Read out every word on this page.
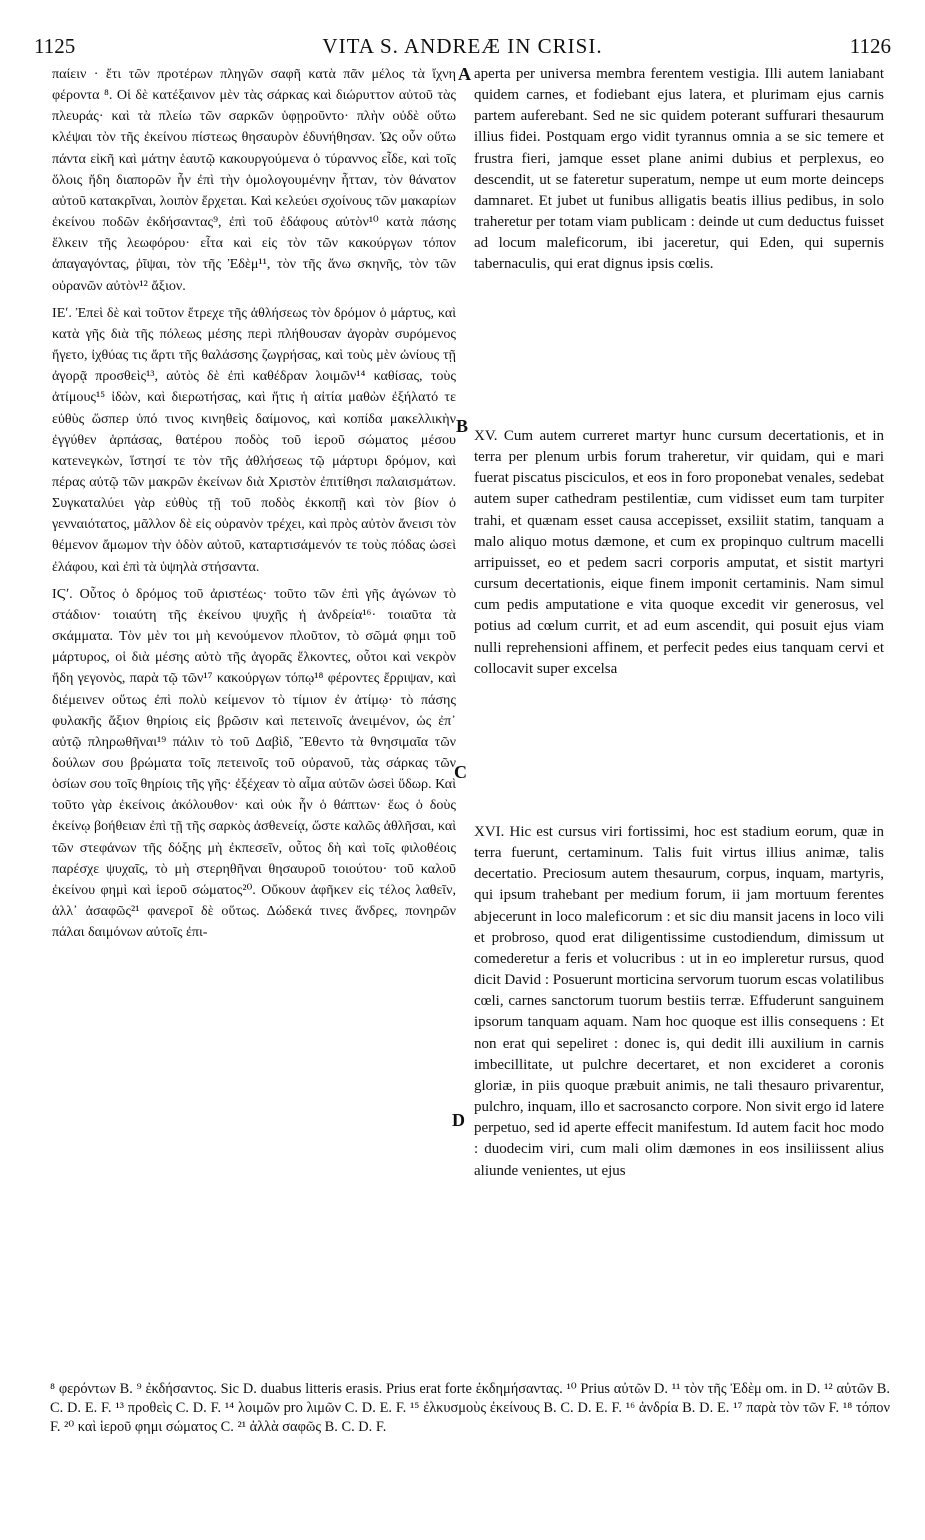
1125	VITA S. ANDREÆ IN CRISI.	1126

παίειν · ἔτι τῶν προτέρων πληγῶν σαφῆ κατὰ πᾶν μέλος τὰ ἴχνη φέροντα ⁸. Οἱ δὲ κατέξαινον μὲν τὰς σάρκας καὶ διώρυττον αὐτοῦ τὰς πλευράς· καὶ τὰ πλείω τῶν σαρκῶν ὑφῃροῦντο· πλὴν οὐδὲ οὕτω κλέψαι τὸν τῆς ἐκείνου πίστεως θησαυρὸν ἐδυνήθησαν. Ὡς οὖν οὕτω πάντα εἰκῆ καὶ μάτην ἑαυτῷ κακουργούμενα ὁ τύραννος εἶδε, καὶ τοῖς ὅλοις ἤδη διαπορῶν ἦν ἐπὶ τὴν ὁμολογουμένην ἧτταν, τὸν θάνατον αὐτοῦ κατακρῖναι, λοιπὸν ἔρχεται. Καὶ κελεύει σχοίνους τῶν μακαρίων ἐκείνου ποδῶν ἐκδήσαντας⁹, ἐπὶ τοῦ ἐδάφους αὐτὸν¹⁰ κατὰ πάσης ἕλκειν τῆς λεωφόρου· εἶτα καὶ εἰς τὸν τῶν κακούργων τόπον ἀπαγαγόντας, ῥῖψαι, τὸν τῆς Ἐδὲμ¹¹, τὸν τῆς ἄνω σκηνῆς, τὸν τῶν οὐρανῶν αὐτὸν¹² ἄξιον.

ΙΕʹ. Ἐπεὶ δὲ καὶ τοῦτον ἔτρεχε τῆς ἀθλήσεως τὸν δρόμον ὁ μάρτυς, καὶ κατὰ γῆς διὰ τῆς πόλεως μέσης περὶ πλήθουσαν ἀγορὰν συρόμενος ἤγετο, ἰχθύας τις ἄρτι τῆς θαλάσσης ζωγρήσας, καὶ τοὺς μὲν ὠνίους τῇ ἀγορᾷ προσθεὶς¹³, αὐτὸς δὲ ἐπὶ καθέδραν λοιμῶν¹⁴ καθίσας, τοὺς ἀτίμους¹⁵ ἰδὼν, καὶ διερωτήσας, καὶ ἥτις ἡ αἰτία μαθὼν ἐξήλατό τε εὐθὺς ὥσπερ ὑπό τινος κινηθεὶς δαίμονος, καὶ κοπίδα μακελλικὴν ἐγγύθεν ἁρπάσας, θατέρου ποδὸς τοῦ ἱεροῦ σώματος μέσου κατενεγκὼν, ἵστησί τε τὸν τῆς ἀθλήσεως τῷ μάρτυρι δρόμον, καὶ πέρας αὐτῷ τῶν μακρῶν ἐκείνων διὰ Χριστὸν ἐπιτίθησι παλαισμάτων. Συγκαταλύει γὰρ εὐθὺς τῇ τοῦ ποδὸς ἐκκοπῇ καὶ τὸν βίον ὁ γενναιότατος, μᾶλλον δὲ εἰς οὐρανὸν τρέχει, καὶ πρὸς αὐτὸν ἄνεισι τὸν θέμενον ἄμωμον τὴν ὁδὸν αὐτοῦ, καταρτισάμενόν τε τοὺς πόδας ὡσεὶ ἐλάφου, καὶ ἐπὶ τὰ ὑψηλὰ στήσαντα.

ΙϚʹ. Οὗτος ὁ δρόμος τοῦ ἀριστέως· τοῦτο τῶν ἐπὶ γῆς ἀγώνων τὸ στάδιον· τοιαύτη τῆς ἐκείνου ψυχῆς ἡ ἀνδρεία¹⁶· τοιαῦτα τὰ σκάμματα. Τὸν μὲν τοι μὴ κενούμενον πλοῦτον, τὸ σῶμά φημι τοῦ μάρτυρος, οἱ διὰ μέσης αὐτὸ τῆς ἀγορᾶς ἕλκοντες, οὗτοι καὶ νεκρὸν ἤδη γεγονὸς, παρὰ τῷ τῶν¹⁷ κακούργων τόπῳ¹⁸ φέροντες ἔρριψαν, καὶ διέμεινεν οὕτως ἐπὶ πολὺ κείμενον τὸ τίμιον ἐν ἀτίμῳ· τὸ πάσης φυλακῆς ἄξιον θηρίοις εἰς βρῶσιν καὶ πετεινοῖς ἀνειμένον, ὡς ἐπ᾽ αὐτῷ πληρωθῆναι¹⁹ πάλιν τὸ τοῦ Δαβὶδ, Ἔθεντο τὰ θνησιμαῖα τῶν δούλων σου βρώματα τοῖς πετεινοῖς τοῦ οὐρανοῦ, τὰς σάρκας τῶν ὁσίων σου τοῖς θηρίοις τῆς γῆς· ἐξέχεαν τὸ αἷμα αὐτῶν ὡσεὶ ὕδωρ. Καὶ τοῦτο γὰρ ἐκείνοις ἀκόλουθον· καὶ οὐκ ἦν ὁ θάπτων· ἕως ὁ δοὺς ἐκείνῳ βοήθειαν ἐπὶ τῇ τῆς σαρκὸς ἀσθενείᾳ, ὥστε καλῶς ἀθλῆσαι, καὶ τῶν στεφάνων τῆς δόξης μὴ ἐκπεσεῖν, οὗτος δὴ καὶ τοῖς φιλοθέοις παρέσχε ψυχαῖς, τὸ μὴ στερηθῆναι θησαυροῦ τοιούτου· τοῦ καλοῦ ἐκείνου φημὶ καὶ ἱεροῦ σώματος²⁰. Οὔκουν ἀφῆκεν εἰς τέλος λαθεῖν, ἀλλ᾽ ἀσαφῶς²¹ φανεροῖ δὲ οὕτως. Δώδεκά τινες ἄνδρες, πονηρῶν πάλαι δαιμόνων αὐτοῖς ἐπι-

aperta per universa membra ferentem vestigia. Illi autem laniabant quidem carnes, et fodiebant ejus latera, et plurimam ejus carnis partem auferebant. Sed ne sic quidem poterant suffurari thesaurum illius fidei. Postquam ergo vidit tyrannus omnia a se sic temere et frustra fieri, jamque esset plane animi dubius et perplexus, eo descendit, ut se fateretur superatum, nempe ut eum morte deinceps damnaret. Et jubet ut funibus alligatis beatis illius pedibus, in solo traheretur per totam viam publicam : deinde ut cum deductus fuisset ad locum maleficorum, ibi jaceretur, qui Eden, qui supernis tabernaculis, qui erat dignus ipsis cœlis.

XV. Cum autem curreret martyr hunc cursum decertationis, et in terra per plenum urbis forum traheretur, vir quidam, qui e mari fuerat piscatus pisciculos, et eos in foro proponebat venales, sedebat autem super cathedram pestilentiæ, cum vidisset eum tam turpiter trahi, et quænam esset causa accepisset, exsiliit statim, tanquam a malo aliquo motus dæmone, et cum ex propinquo cultrum macelli arripuisset, eo et pedem sacri corporis amputat, et sistit martyri cursum decertationis, eique finem imponit certaminis. Nam simul cum pedis amputatione e vita quoque excedit vir generosus, vel potius ad cœlum currit, et ad eum ascendit, qui posuit ejus viam nulli reprehensioni affinem, et perfecit pedes eius tanquam cervi et collocavit super excelsa

XVI. Hic est cursus viri fortissimi, hoc est stadium eorum, quæ in terra fuerunt, certaminum. Talis fuit virtus illius animæ, talis decertatio. Preciosum autem thesaurum, corpus, inquam, martyris, qui ipsum trahebant per medium forum, ii jam mortuum ferentes abjecerunt in loco maleficorum : et sic diu mansit jacens in loco vili et probroso, quod erat diligentissime custodiendum, dimissum ut comederetur a feris et volucribus : ut in eo impleretur rursus, quod dicit David : Posuerunt morticina servorum tuorum escas volatilibus cœli, carnes sanctorum tuorum bestiis terræ. Effuderunt sanguinem ipsorum tanquam aquam. Nam hoc quoque est illis consequens : Et non erat qui sepeliret : donec is, qui dedit illi auxilium in carnis imbecillitate, ut pulchre decertaret, et non excideret a coronis gloriæ, in piis quoque præbuit animis, ne tali thesauro privarentur, pulchro, inquam, illo et sacrosancto corpore. Non sivit ergo id latere perpetuo, sed id aperte effecit manifestum. Id autem facit hoc modo : duodecim viri, cum mali olim dæmones in eos insiliissent alius aliunde venientes, ut ejus

A
B
C
D
⁸ φερόντων B. ⁹ ἐκδήσαντος. Sic D. duabus litteris erasis. Prius erat forte ἐκδημήσαντας. ¹⁰ Prius αὐτῶν D. ¹¹ τὸν τῆς Ἐδὲμ om. in D. ¹² αὐτῶν B. C. D. E. F. ¹³ προθεὶς C. D. F. ¹⁴ λοιμῶν pro λιμῶν C. D. E. F. ¹⁵ ἐλκυσμοὺς ἐκείνους B. C. D. E. F. ¹⁶ ἀνδρία B. D. E. ¹⁷ παρὰ τὸν τῶν F. ¹⁸ τόπον F. ²⁰ καὶ ἱεροῦ φημι σώματος C. ²¹ ἀλλὰ σαφῶς B. C. D. F.
